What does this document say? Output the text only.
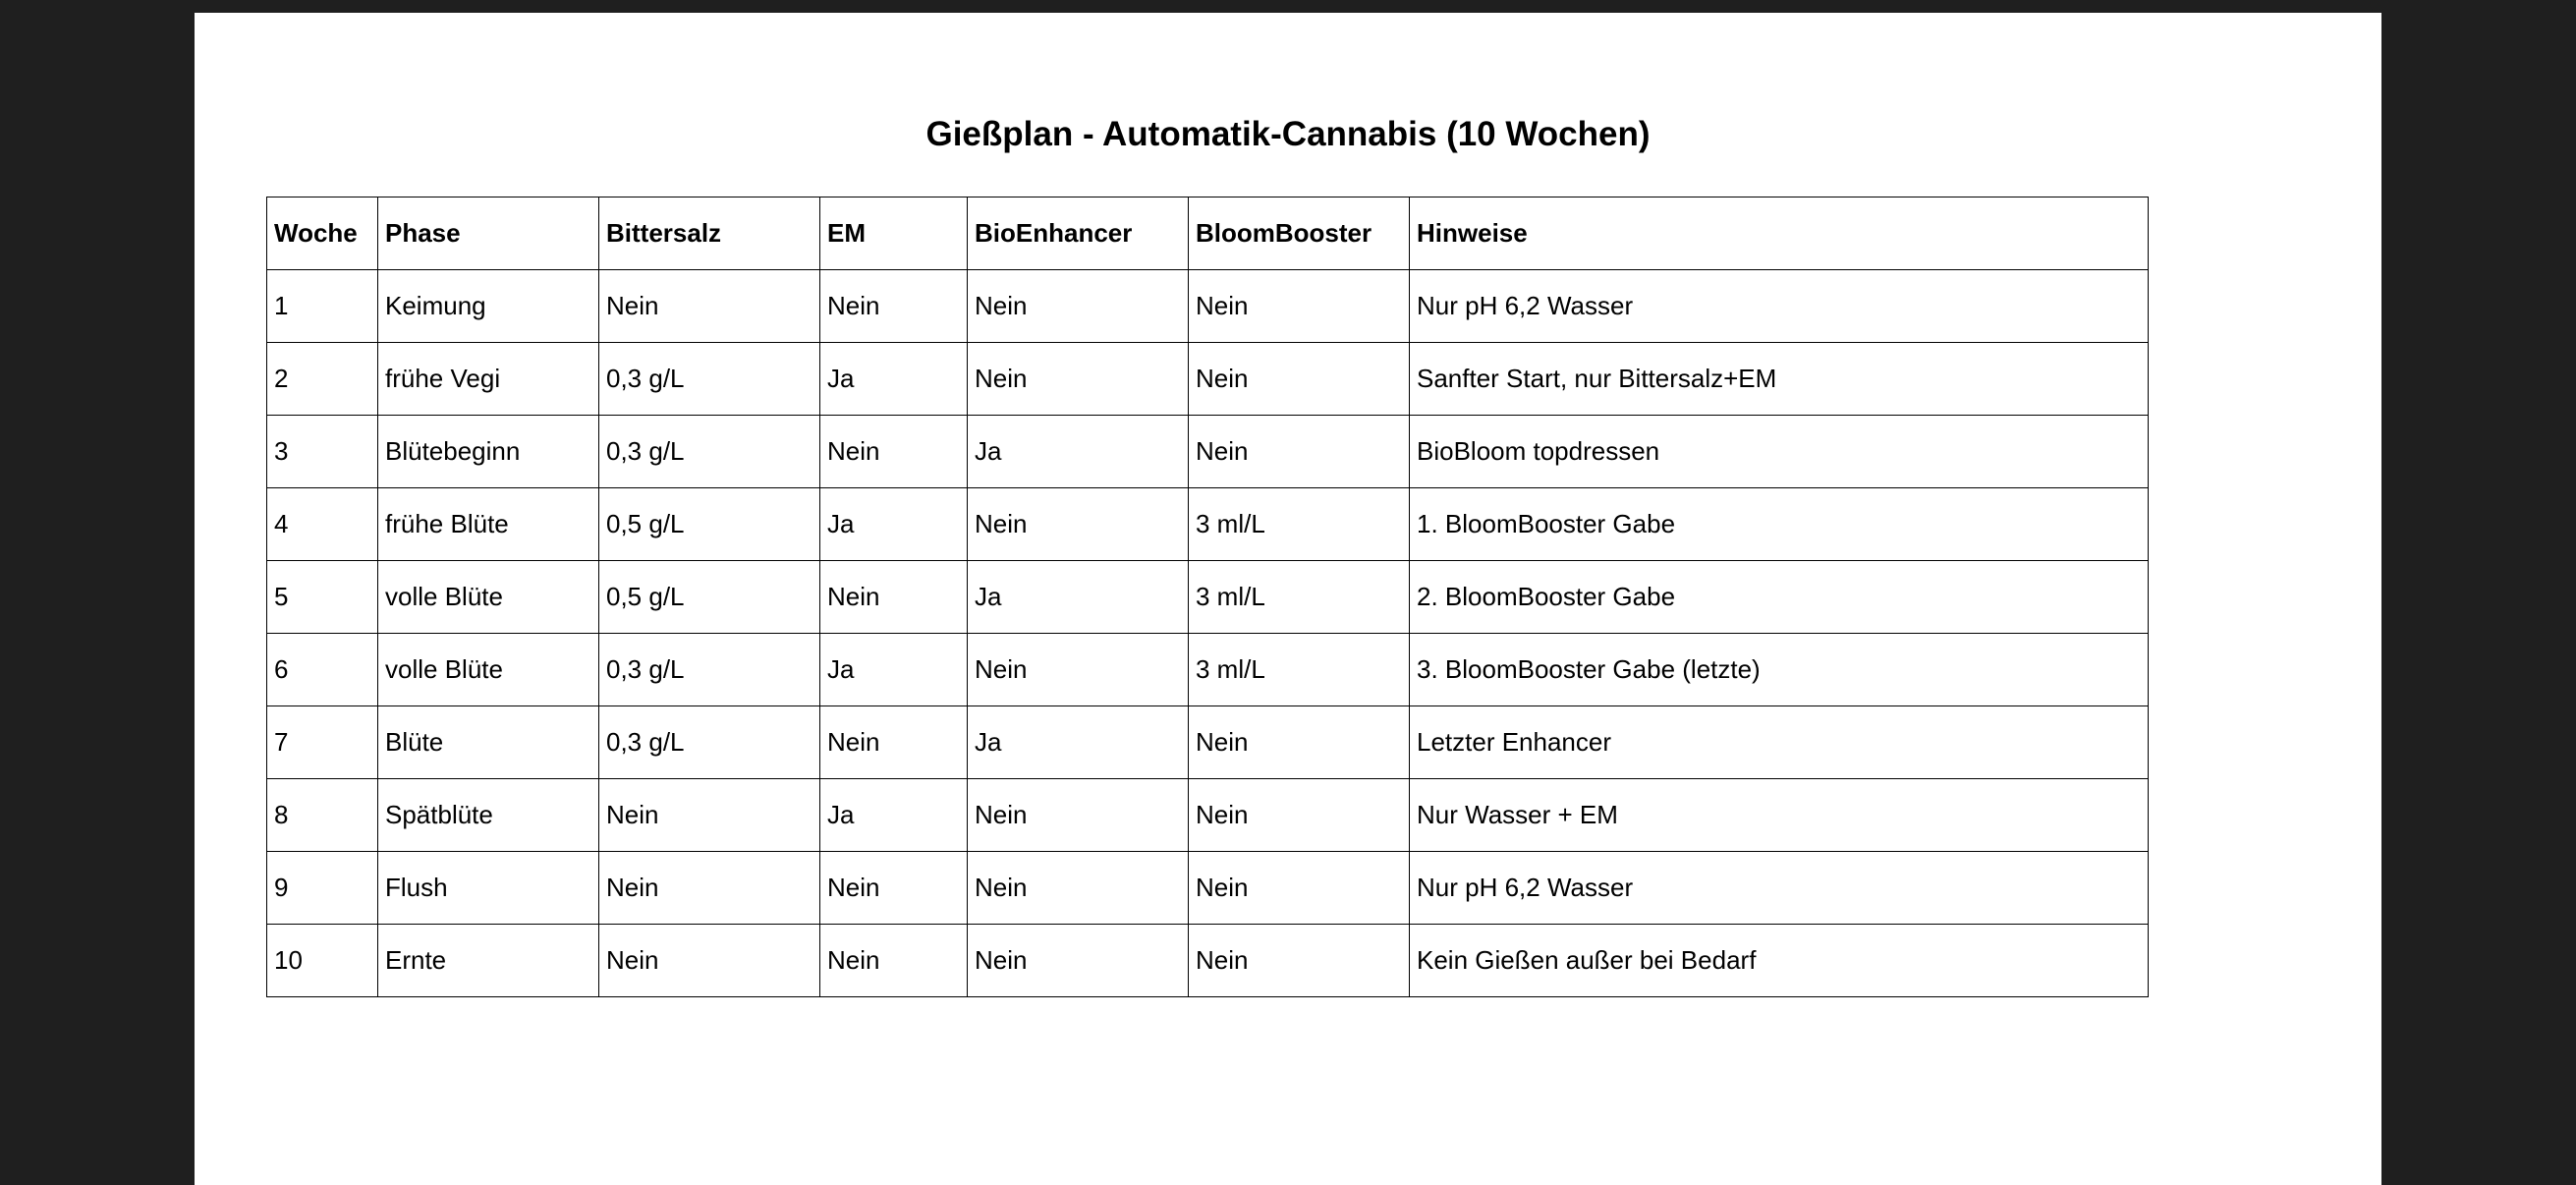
Gießplan - Automatik-Cannabis (10 Wochen)
Woche	Phase	Bittersalz	EM	BioEnhancer	BloomBooster	Hinweise
1	Keimung	Nein	Nein	Nein	Nein	Nur pH 6,2 Wasser
2	frühe Vegi	0,3 g/L	Ja	Nein	Nein	Sanfter Start, nur Bittersalz+EM
3	Blütebeginn	0,3 g/L	Nein	Ja	Nein	BioBloom topdressen
4	frühe Blüte	0,5 g/L	Ja	Nein	3 ml/L	1. BloomBooster Gabe
5	volle Blüte	0,5 g/L	Nein	Ja	3 ml/L	2. BloomBooster Gabe
6	volle Blüte	0,3 g/L	Ja	Nein	3 ml/L	3. BloomBooster Gabe (letzte)
7	Blüte	0,3 g/L	Nein	Ja	Nein	Letzter Enhancer
8	Spätblüte	Nein	Ja	Nein	Nein	Nur Wasser + EM
9	Flush	Nein	Nein	Nein	Nein	Nur pH 6,2 Wasser
10	Ernte	Nein	Nein	Nein	Nein	Kein Gießen außer bei Bedarf
